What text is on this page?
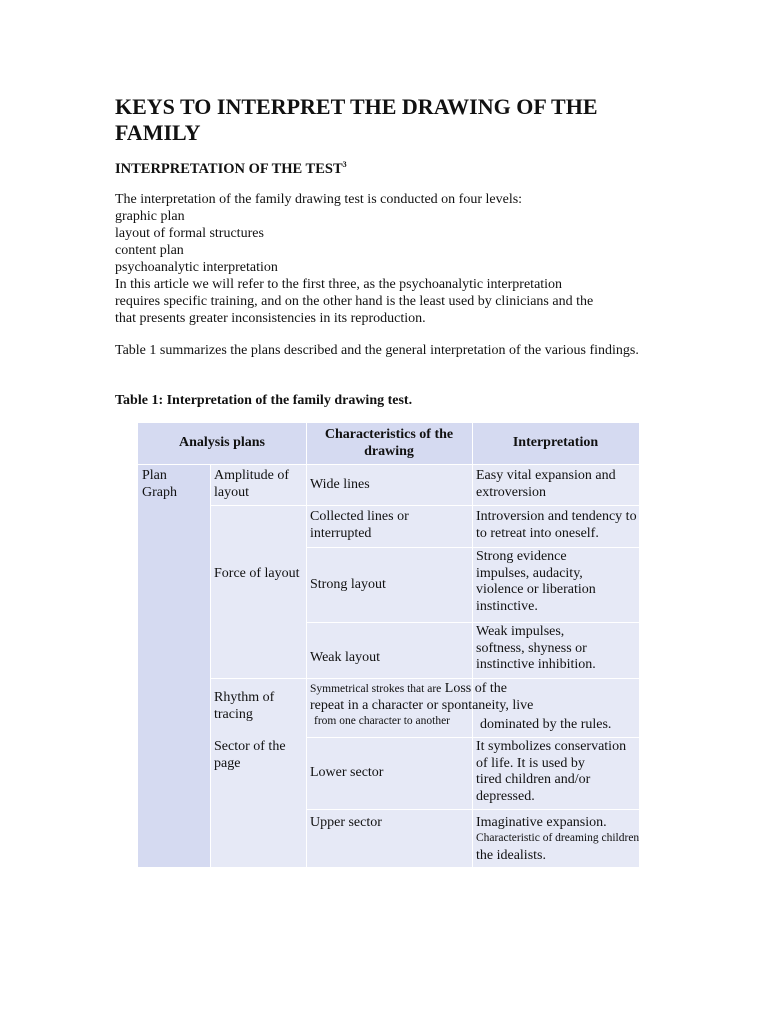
KEYS TO INTERPRET THE DRAWING OF THE FAMILY
INTERPRETATION OF THE TEST$^3$
The interpretation of the family drawing test is conducted on four levels:
graphic plan
layout of formal structures
content plan
psychoanalytic interpretation
In this article we will refer to the first three, as the psychoanalytic interpretation
requires specific training, and on the other hand is the least used by clinicians and the
that presents greater inconsistencies in its reproduction.
Table 1 summarizes the plans described and the general interpretation of the various findings.
Table 1: Interpretation of the family drawing test.
Analysis plans
Characteristics of the drawing
Interpretation
Plan
Graph
Amplitude of layout
Wide lines
Easy vital expansion and extroversion
Collected lines or interrupted
Introversion and tendency to to retreat into oneself.
Force of layout
Strong layout
Strong evidence
impulses, audacity,
violence or liberation
instinctive.
Weak layout
Weak impulses,
softness, shyness or
instinctive inhibition.
Rhythm of tracing
Symmetrical strokes that are Loss of the
repeat in a character or spontaneity, live
from one character to another dominated by the rules.
Sector of the page
Lower sector
It symbolizes conservation
of life. It is used by
tired children and/or
depressed.
Upper sector	Imaginative expansion.
Characteristic of dreaming children
the idealists.
